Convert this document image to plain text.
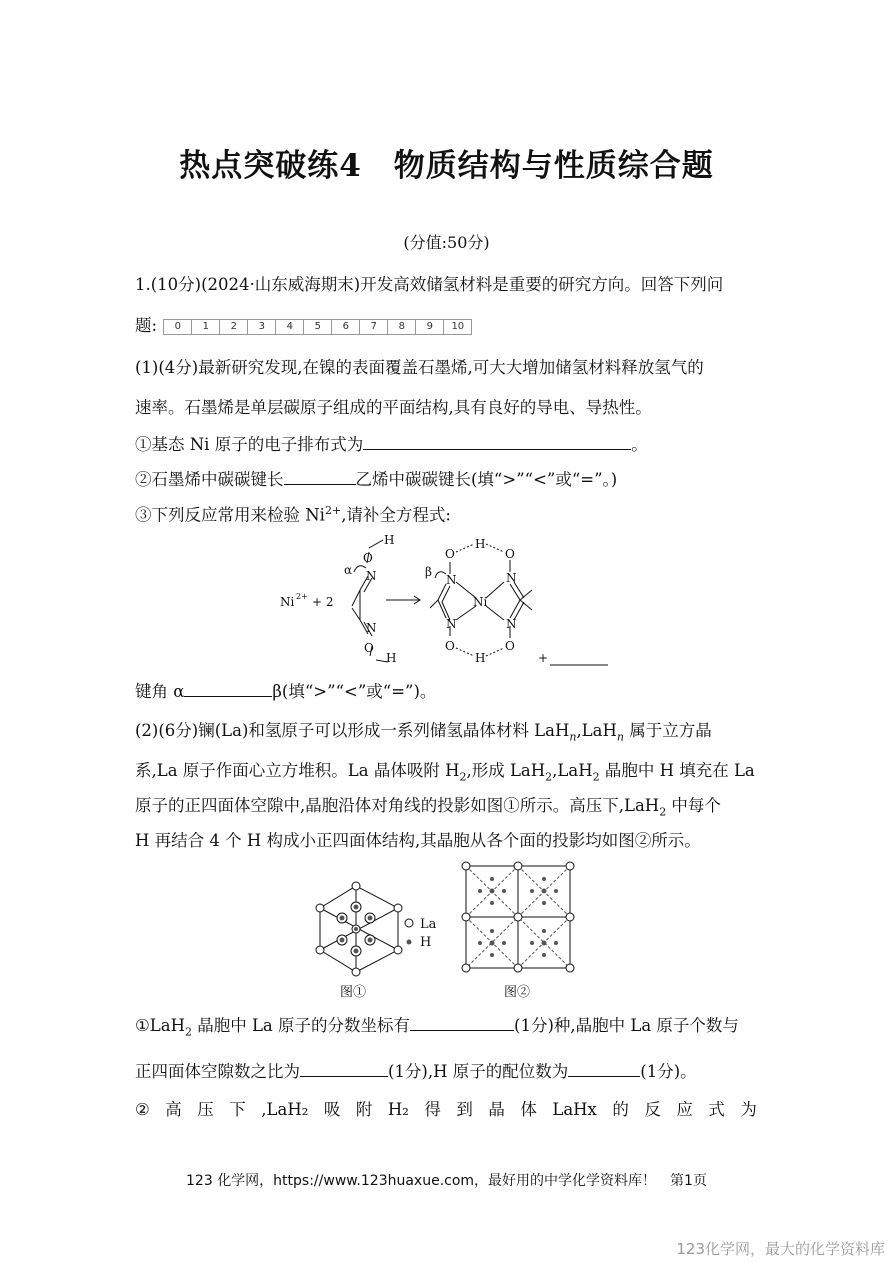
热点突破练4　物质结构与性质综合题
(分值:50分)
1.(10分)(2024·山东威海期末)开发高效储氢材料是重要的研究方向。回答下列问
题:	0	1	2	3	4	5	6	7	8	9	10
(1)(4分)最新研究发现,在镍的表面覆盖石墨烯,可大大增加储氢材料释放氢气的
速率。石墨烯是单层碳原子组成的平面结构,具有良好的导电、导热性。
①基态 Ni 原子的电子排布式为	。
②石墨烯中碳碳键长	乙烯中碳碳键长(填“>”“<”或“=”。)
③下列反应常用来检验 $Ni^{2+}$,请补全方程式:
Ni 2+ + 2
α
O
H
N
N
O
H
β
O
H
O
N	N
Ni
N	N
O
H
O
+
键角 α	β(填“>”“<”或“=”)。
(2)(6分)镧(La)和氢原子可以形成一系列储氢晶体材料 LaH$_n$,LaH$_n$ 属于立方晶
系,La 原子作面心立方堆积。La 晶体吸附 $H_2$,形成 LaH$_2$,LaH$_2$ 晶胞中 H 填充在 La
原子的正四面体空隙中,晶胞沿体对角线的投影如图①所示。高压下,LaH$_2$ 中每个
H 再结合 4 个 H 构成小正四面体结构,其晶胞从各个面的投影均如图②所示。
La
H
图①	图②
①LaH$_2$ 晶胞中 La 原子的分数坐标有	(1分)种,晶胞中 La 原子个数与
正四面体空隙数之比为	(1分),H 原子的配位数为	(1分)。
② 高 压 下 ,LaH₂ 吸 附 H₂ 得 到 晶 体 LaHx 的 反 应 式 为
123 化学网，https://www.123huaxue.com，最好用的中学化学资料库！　第1页
123化学网，最大的化学资料库
